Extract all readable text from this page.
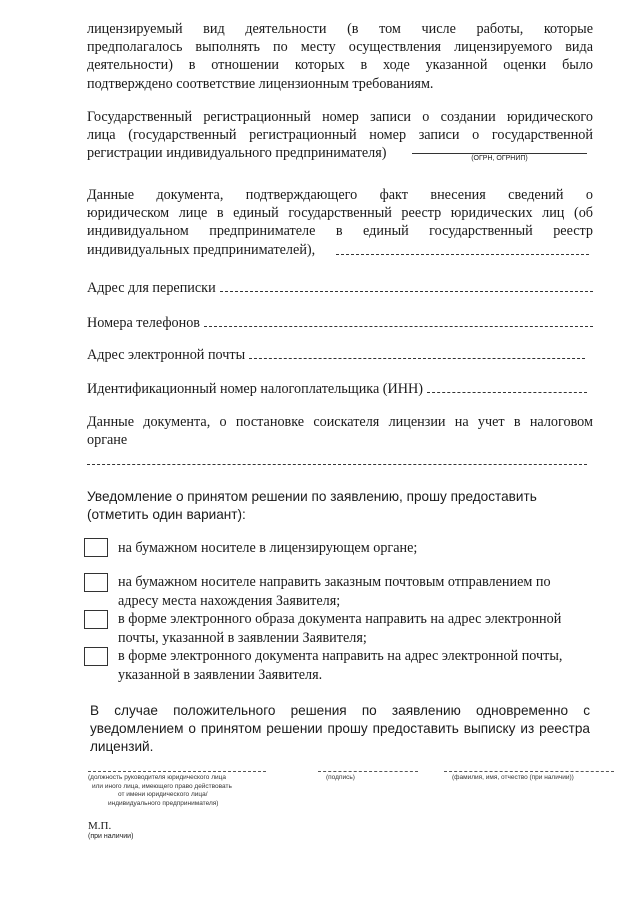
лицензируемый вид деятельности (в том числе работы, которые
предполагалось выполнять по месту осуществления лицензируемого вида
деятельности) в отношении которых в ходе указанной оценки было
подтверждено соответствие лицензионным требованиям.
Государственный регистрационный номер записи о создании юридического
лица (государственный регистрационный номер записи о государственной
регистрации индивидуального предпринимателя)	(ОГРН, ОГРНИП)
Данные документа, подтверждающего факт внесения сведений о
юридическом лице в единый государственный реестр юридических лиц (об
индивидуальном предпринимателе в единый государственный реестр
индивидуальных предпринимателей),
Адрес для переписки
Номера телефонов
Адрес электронной почты
Идентификационный номер налогоплательщика (ИНН)
Данные документа, о постановке соискателя лицензии на учет в налоговом
органе
Уведомление о принятом решении по заявлению, прошу предоставить
(отметить один вариант):
на бумажном носителе в лицензирующем органе;
на бумажном носителе направить заказным почтовым отправлением по
адресу места нахождения Заявителя;
в форме электронного образа документа направить на адрес электронной
почты, указанной в заявлении Заявителя;
в форме электронного документа направить на адрес электронной почты,
указанной в заявлении Заявителя.
В случае положительного решения по заявлению одновременно с
уведомлением о принятом решении прошу предоставить выписку из реестра
лицензий.
(должность руководителя юридического лица
или иного лица, имеющего право действовать
от имени юридического лица/
индивидуального предпринимателя)
(подпись)	(фамилия, имя, отчество (при наличии))
М.П.
(при наличии)
